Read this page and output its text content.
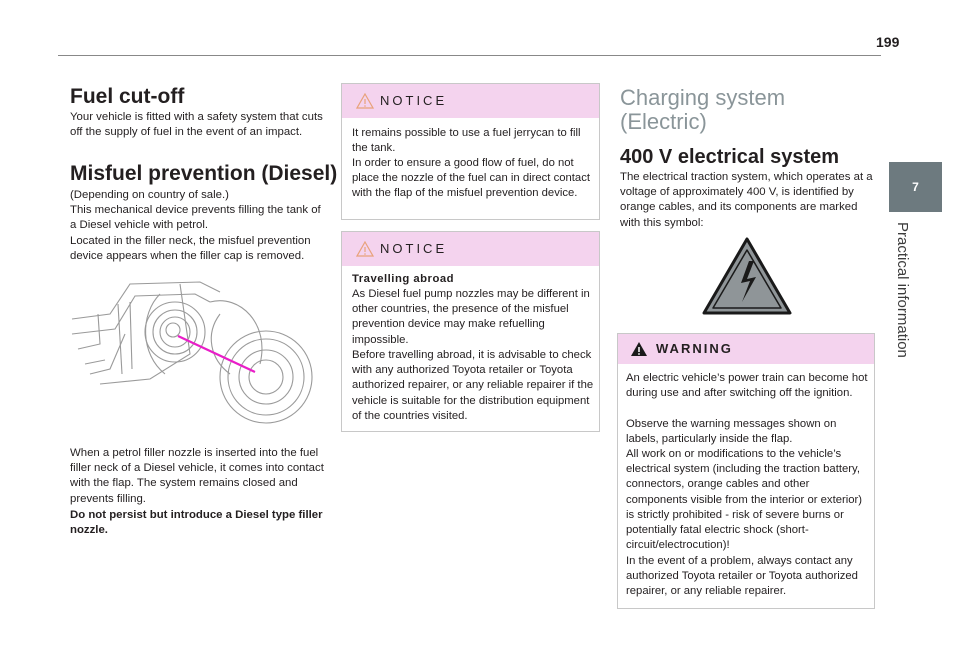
199
7
Practical information
Fuel cut-off

Your vehicle is fitted with a safety system that cuts off the supply of fuel in the event of an impact.

Misfuel prevention (Diesel)

(Depending on country of sale.)

This mechanical device prevents filling the tank of a Diesel vehicle with petrol.

Located in the filler neck, the misfuel prevention device appears when the filler cap is removed.

When a petrol filler nozzle is inserted into the fuel filler neck of a Diesel vehicle, it comes into contact with the flap. The system remains closed and prevents filling.

Do not persist but introduce a Diesel type filler nozzle.

NOTICE

It remains possible to use a fuel jerrycan to fill the tank.

In order to ensure a good flow of fuel, do not place the nozzle of the fuel can in direct contact with the flap of the misfuel prevention device.

NOTICE

Travelling abroad

As Diesel fuel pump nozzles may be different in other countries, the presence of the misfuel prevention device may make refuelling impossible.

Before travelling abroad, it is advisable to check with any authorized Toyota retailer or Toyota authorized repairer, or any reliable repairer if the vehicle is suitable for the distribution equipment of the countries visited.

Charging system
(Electric)
400 V electrical system

The electrical traction system, which operates at a voltage of approximately 400 V, is identified by orange cables, and its components are marked with this symbol:

WARNING

An electric vehicle’s power train can become hot during use and after switching off the ignition.

Observe the warning messages shown on labels, particularly inside the flap.

All work on or modifications to the vehicle’s electrical system (including the traction battery, connectors, orange cables and other components visible from the interior or exterior) is strictly prohibited - risk of severe burns or potentially fatal electric shock (short-circuit/electrocution)!

In the event of a problem, always contact any authorized Toyota retailer or Toyota authorized repairer, or any reliable repairer.
